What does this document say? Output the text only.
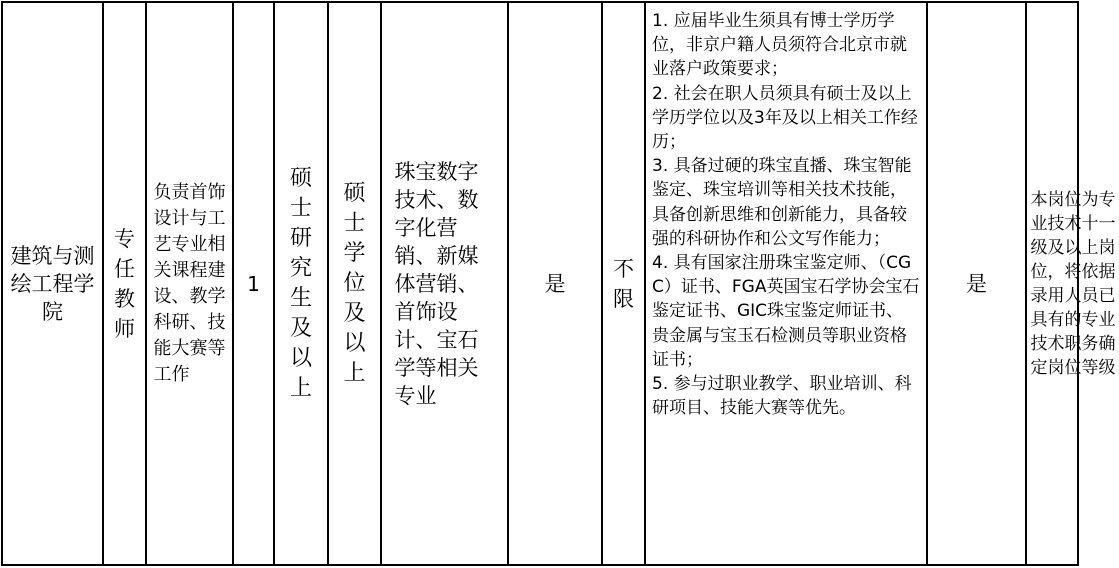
建筑与测绘工程学院

专任教师

负责首饰设计与工艺专业相关课程建设、教学科研、技能大赛等工作

1

硕士研究生及以上

硕士学位及以上

珠宝数字技术、数字化营销、新媒体营销、首饰设计、宝石学等相关专业

是

不限

1. 应届毕业生须具有博士学历学位，非京户籍人员须符合北京市就业落户政策要求；
2. 社会在职人员须具有硕士及以上学历学位以及3年及以上相关工作经历；
3. 具备过硬的珠宝直播、珠宝智能鉴定、珠宝培训等相关技术技能，具备创新思维和创新能力，具备较强的科研协作和公文写作能力；
4. 具有国家注册珠宝鉴定师、（CGC）证书、FGA英国宝石学协会宝石鉴定证书、GIC珠宝鉴定师证书、贵金属与宝玉石检测员等职业资格证书；
5. 参与过职业教学、职业培训、科研项目、技能大赛等优先。

是

本岗位为专业技术十一级及以上岗位，将依据录用人员已具有的专业技术职务确定岗位等级
